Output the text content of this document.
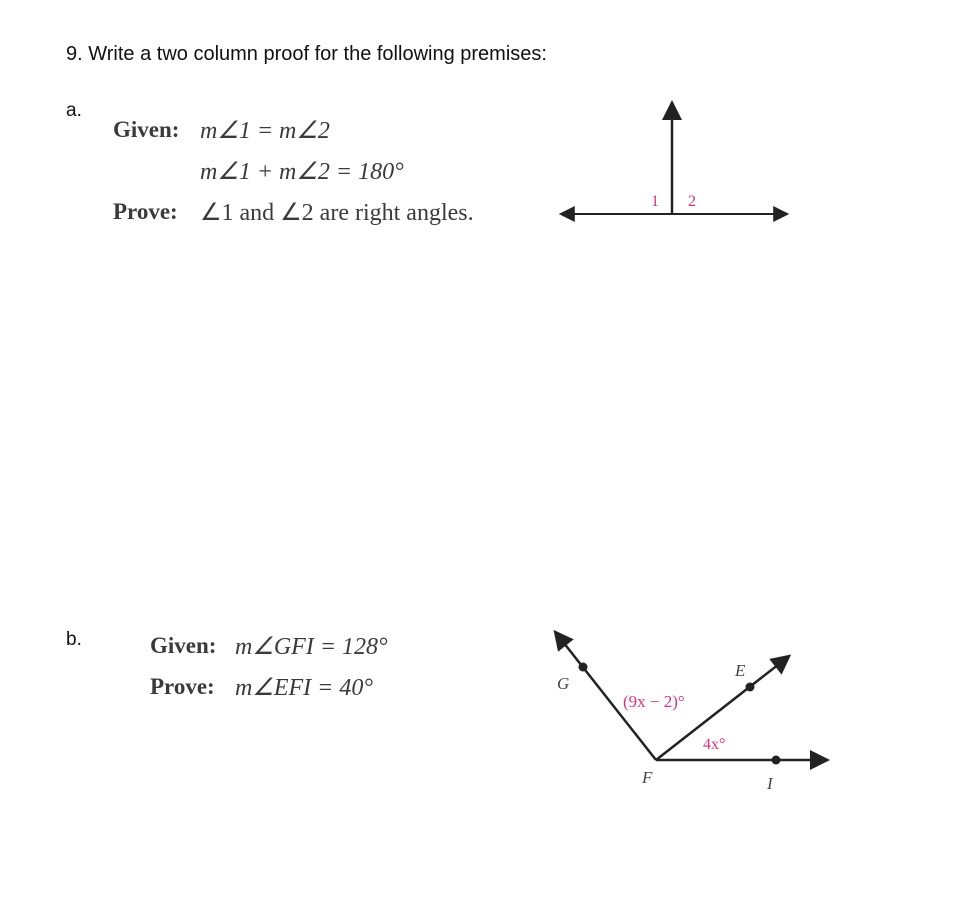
9. Write a two column proof for the following premises:
a.
Given: m∠1 = m∠2
m∠1 + m∠2 = 180°
Prove: ∠1 and ∠2 are right angles.	1 2
b.	Given: m∠GFI = 128°
Prove: m∠EFI = 40°	G
E
F	I
(9x − 2)°
4x°
